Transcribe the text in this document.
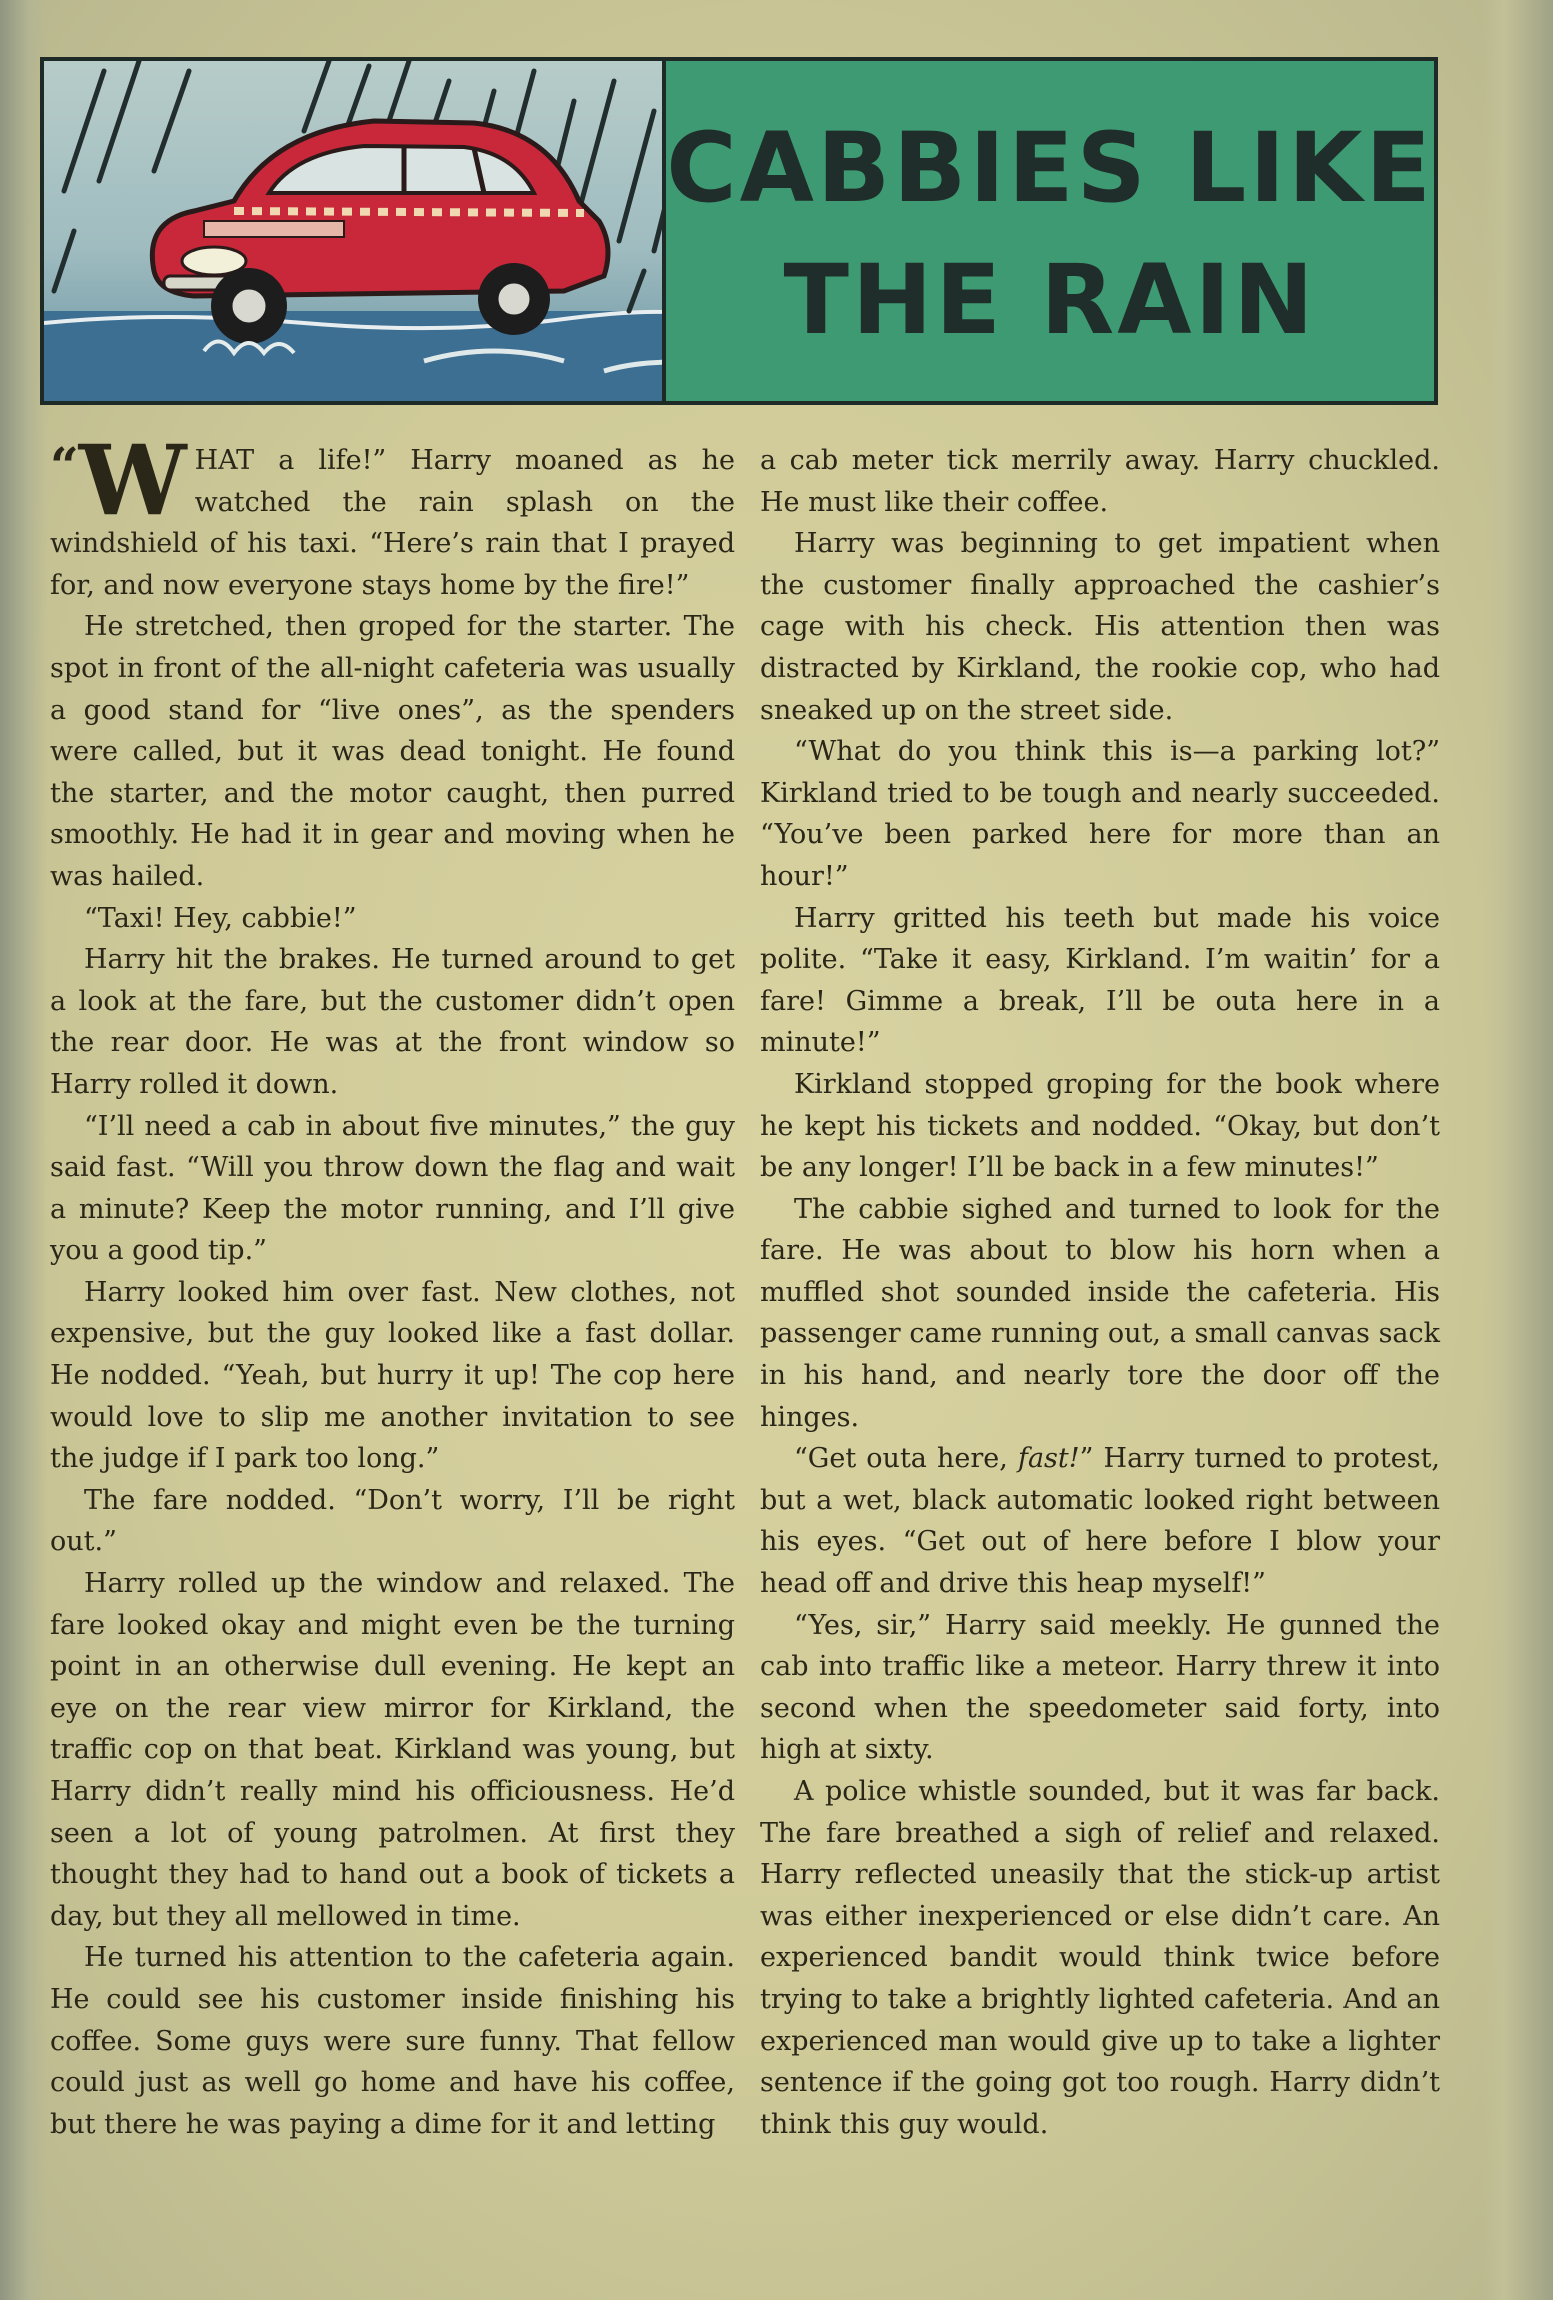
CABBIES LIKE
THE RAIN

“ W HAT a life!” Harry moaned as he watched the rain splash on the windshield of his taxi. “Here’s rain that I prayed for, and now everyone stays home by the fire!”

He stretched, then groped for the starter. The spot in front of the all-night cafeteria was usually a good stand for “live ones”, as the spenders were called, but it was dead tonight. He found the starter, and the motor caught, then purred smoothly. He had it in gear and moving when he was hailed.

“Taxi! Hey, cabbie!”

Harry hit the brakes. He turned around to get a look at the fare, but the customer didn’t open the rear door. He was at the front window so Harry rolled it down.

“I’ll need a cab in about five minutes,” the guy said fast. “Will you throw down the flag and wait a minute? Keep the motor running, and I’ll give you a good tip.”

Harry looked him over fast. New clothes, not expensive, but the guy looked like a fast dollar. He nodded. “Yeah, but hurry it up! The cop here would love to slip me another invitation to see the judge if I park too long.”

The fare nodded. “Don’t worry, I’ll be right out.”

Harry rolled up the window and relaxed. The fare looked okay and might even be the turning point in an otherwise dull evening. He kept an eye on the rear view mirror for Kirkland, the traffic cop on that beat. Kirkland was young, but Harry didn’t really mind his officiousness. He’d seen a lot of young patrolmen. At first they thought they had to hand out a book of tickets a day, but they all mellowed in time.

He turned his attention to the cafeteria again. He could see his customer inside finishing his coffee. Some guys were sure funny. That fellow could just as well go home and have his coffee, but there he was paying a dime for it and letting

a cab meter tick merrily away. Harry chuckled. He must like their coffee.

Harry was beginning to get impatient when the customer finally approached the cashier’s cage with his check. His attention then was distracted by Kirkland, the rookie cop, who had sneaked up on the street side.

“What do you think this is—a parking lot?” Kirkland tried to be tough and nearly succeeded. “You’ve been parked here for more than an hour!”

Harry gritted his teeth but made his voice polite. “Take it easy, Kirkland. I’m waitin’ for a fare! Gimme a break, I’ll be outa here in a minute!”

Kirkland stopped groping for the book where he kept his tickets and nodded. “Okay, but don’t be any longer! I’ll be back in a few minutes!”

The cabbie sighed and turned to look for the fare. He was about to blow his horn when a muffled shot sounded inside the cafeteria. His passenger came running out, a small canvas sack in his hand, and nearly tore the door off the hinges.

“Get outa here, fast!” Harry turned to protest, but a wet, black automatic looked right between his eyes. “Get out of here before I blow your head off and drive this heap myself!”

“Yes, sir,” Harry said meekly. He gunned the cab into traffic like a meteor. Harry threw it into second when the speedometer said forty, into high at sixty.

A police whistle sounded, but it was far back. The fare breathed a sigh of relief and relaxed. Harry reflected uneasily that the stick-up artist was either inexperienced or else didn’t care. An experienced bandit would think twice before trying to take a brightly lighted cafeteria. And an experienced man would give up to take a lighter sentence if the going got too rough. Harry didn’t think this guy would.
